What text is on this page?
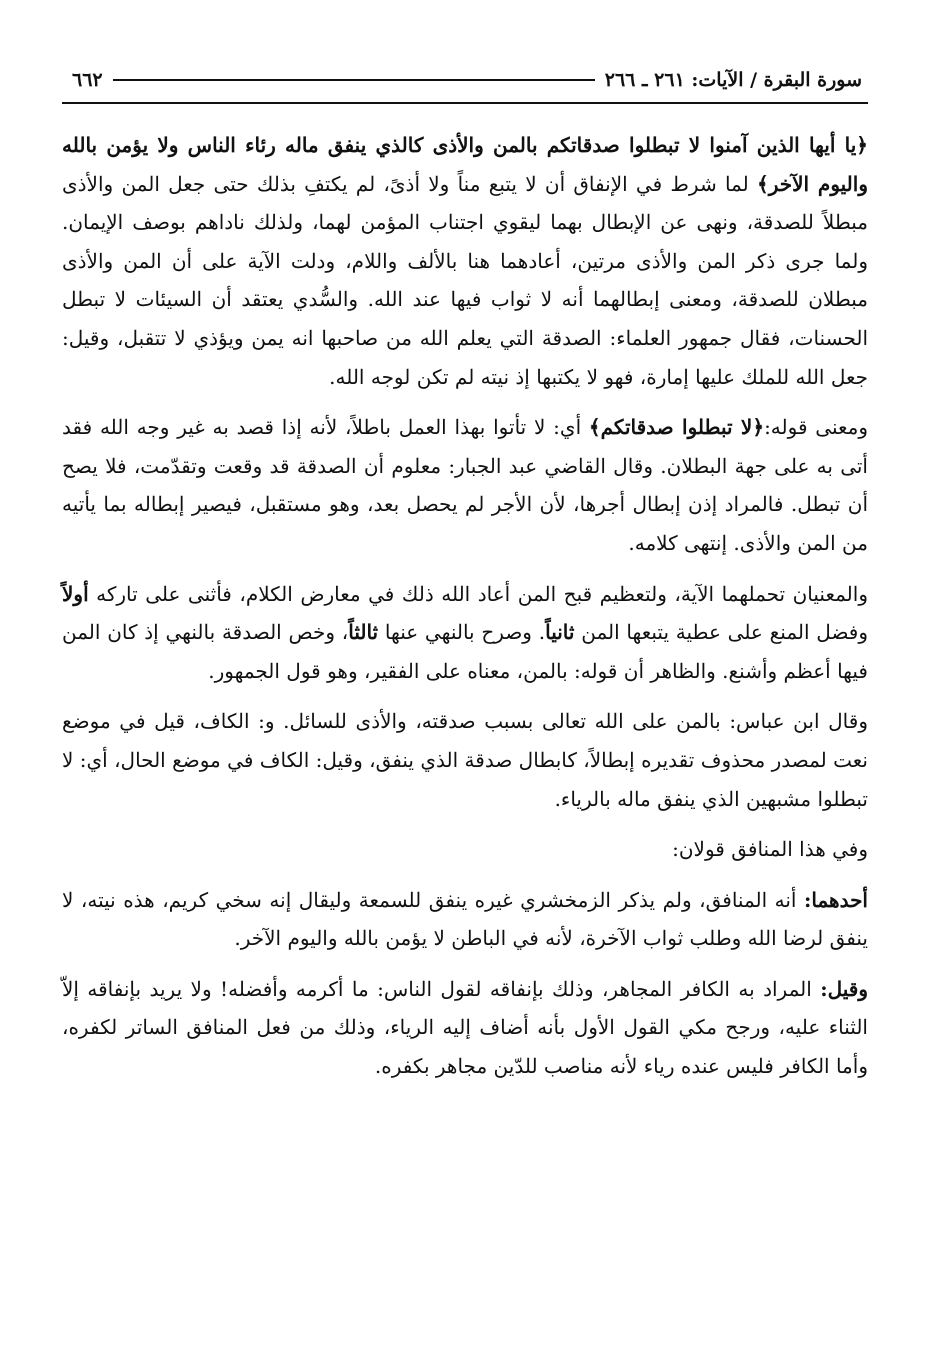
سورة البقرة / الآيات: ٢٦١ ـ ٢٦٦
٦٦٢

﴿يا أيها الذين آمنوا لا تبطلوا صدقاتكم بالمن والأذى كالذي ينفق ماله رئاء الناس ولا يؤمن بالله واليوم الآخر﴾ لما شرط في الإنفاق أن لا يتبع مناً ولا أذىً، لم يكتفِ بذلك حتى جعل المن والأذى مبطلاً للصدقة، ونهى عن الإبطال بهما ليقوي اجتناب المؤمن لهما، ولذلك ناداهم بوصف الإيمان. ولما جرى ذكر المن والأذى مرتين، أعادهما هنا بالألف واللام، ودلت الآية على أن المن والأذى مبطلان للصدقة، ومعنى إبطالهما أنه لا ثواب فيها عند الله. والسُّدي يعتقد أن السيئات لا تبطل الحسنات، فقال جمهور العلماء: الصدقة التي يعلم الله من صاحبها انه يمن ويؤذي لا تتقبل، وقيل: جعل الله للملك عليها إمارة، فهو لا يكتبها إذ نيته لم تكن لوجه الله.

ومعنى قوله:﴿لا تبطلوا صدقاتكم﴾ أي: لا تأتوا بهذا العمل باطلاً، لأنه إذا قصد به غير وجه الله فقد أتى به على جهة البطلان. وقال القاضي عبد الجبار: معلوم أن الصدقة قد وقعت وتقدّمت، فلا يصح أن تبطل. فالمراد إذن إبطال أجرها، لأن الأجر لم يحصل بعد، وهو مستقبل، فيصير إبطاله بما يأتيه من المن والأذى. إنتهى كلامه.

والمعنيان تحملهما الآية، ولتعظيم قبح المن أعاد الله ذلك في معارض الكلام، فأثنى على تاركه أولاً وفضل المنع على عطية يتبعها المن ثانياً. وصرح بالنهي عنها ثالثاً، وخص الصدقة بالنهي إذ كان المن فيها أعظم وأشنع. والظاهر أن قوله: بالمن، معناه على الفقير، وهو قول الجمهور.

وقال ابن عباس: بالمن على الله تعالى بسبب صدقته، والأذى للسائل. و: الكاف، قيل في موضع نعت لمصدر محذوف تقديره إبطالاً، كابطال صدقة الذي ينفق، وقيل: الكاف في موضع الحال، أي: لا تبطلوا مشبهين الذي ينفق ماله بالرياء.

وفي هذا المنافق قولان:

أحدهما: أنه المنافق، ولم يذكر الزمخشري غيره ينفق للسمعة وليقال إنه سخي كريم، هذه نيته، لا ينفق لرضا الله وطلب ثواب الآخرة، لأنه في الباطن لا يؤمن بالله واليوم الآخر.

وقيل: المراد به الكافر المجاهر، وذلك بإنفاقه لقول الناس: ما أكرمه وأفضله! ولا يريد بإنفاقه إلاّ الثناء عليه، ورجح مكي القول الأول بأنه أضاف إليه الرياء، وذلك من فعل المنافق الساتر لكفره، وأما الكافر فليس عنده رياء لأنه مناصب للدّين مجاهر بكفره.
